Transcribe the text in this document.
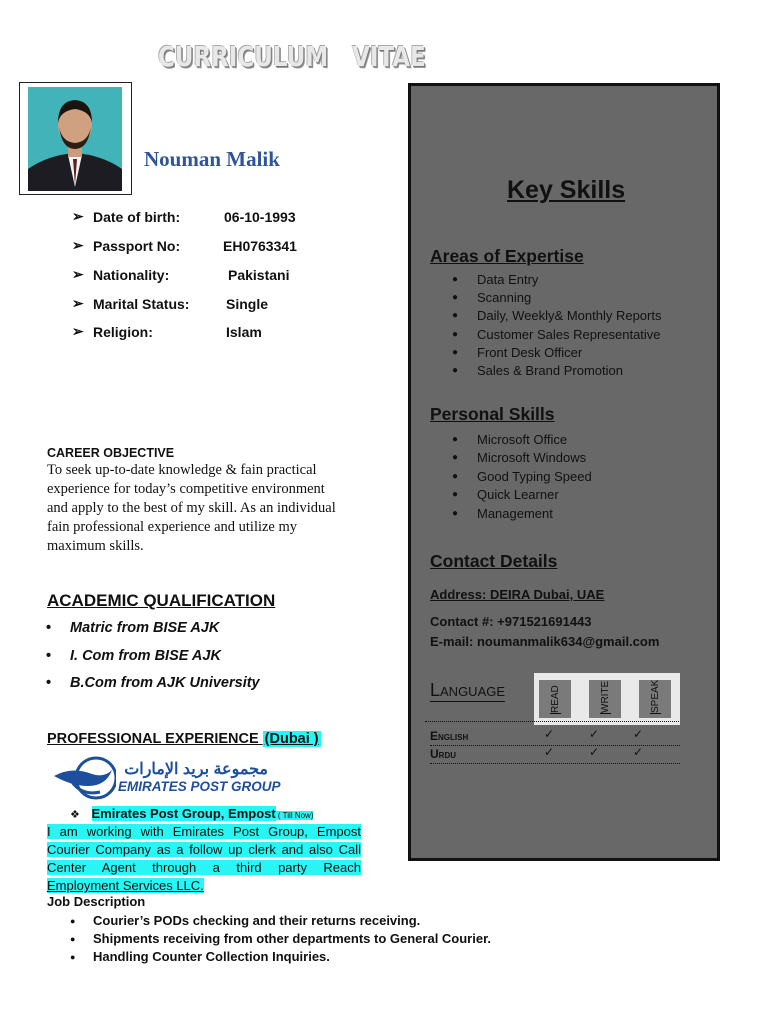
CURRICULUM   VITAE
Nouman Malik
➢ Date of birth:	06-10-1993
➢ Passport No:	EH0763341
➢ Nationality:	Pakistani
➢ Marital Status:	Single
➢ Religion:	Islam
CAREER OBJECTIVE
To seek up-to-date knowledge & fain practical
experience for today’s competitive environment
and apply to the best of my skill. As an individual
fain professional experience and utilize my
maximum skills.
ACADEMIC QUALIFICATION
• Matric from BISE AJK
• I. Com from BISE AJK
• B.Com from AJK University
PROFESSIONAL EXPERIENCE (Dubai )
مجموعة بريد الإمارات
EMIRATES POST GROUP
❖ Emirates Post Group, Empost ( Till Now)
I am working with Emirates Post Group, Empost
Courier Company as a follow up clerk and also Call
Center Agent through a third party Reach
Employment Services LLC.
Job Description
● Courier’s PODs checking and their returns receiving.
● Shipments receiving from other departments to General Courier.
● Handling Counter Collection Inquiries.
Key Skills
Areas of Expertise
● Data Entry
● Scanning
● Daily, Weekly& Monthly Reports
● Customer Sales Representative
● Front Desk Officer
● Sales & Brand Promotion
Personal Skills
● Microsoft Office
● Microsoft Windows
● Good Typing Speed
● Quick Learner
● Management
Contact Details
Address: DEIRA Dubai, UAE
Contact #: +971521691443
E-mail: noumanmalik634@gmail.com
Language	READ	WRITE	SPEAK
English	✓	✓	✓
Urdu	✓	✓	✓
